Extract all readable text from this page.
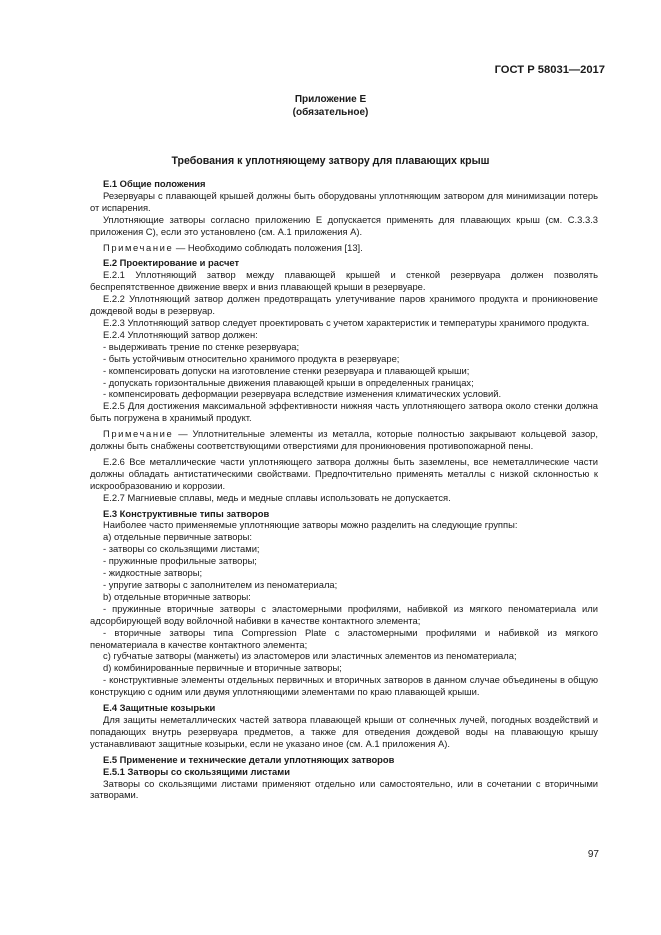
ГОСТ Р 58031—2017
Приложение Е
(обязательное)
Требования к уплотняющему затвору для плавающих крыш

Е.1 Общие положения

Резервуары с плавающей крышей должны быть оборудованы уплотняющим затвором для минимизации потерь от испарения.

Уплотняющие затворы согласно приложению Е допускается применять для плавающих крыш (см. С.3.3.3 приложения С), если это установлено (см. А.1 приложения А).

Примечание — Необходимо соблюдать положения [13].

Е.2 Проектирование и расчет

Е.2.1 Уплотняющий затвор между плавающей крышей и стенкой резервуара должен позволять беспрепятственное движение вверх и вниз плавающей крыши в резервуаре.

Е.2.2 Уплотняющий затвор должен предотвращать улетучивание паров хранимого продукта и проникновение дождевой воды в резервуар.

Е.2.3 Уплотняющий затвор следует проектировать с учетом характеристик и температуры хранимого продукта.

Е.2.4 Уплотняющий затвор должен:

- выдерживать трение по стенке резервуара;

- быть устойчивым относительно хранимого продукта в резервуаре;

- компенсировать допуски на изготовление стенки резервуара и плавающей крыши;

- допускать горизонтальные движения плавающей крыши в определенных границах;

- компенсировать деформации резервуара вследствие изменения климатических условий.

Е.2.5 Для достижения максимальной эффективности нижняя часть уплотняющего затвора около стенки должна быть погружена в хранимый продукт.

Примечание — Уплотнительные элементы из металла, которые полностью закрывают кольцевой зазор, должны быть снабжены соответствующими отверстиями для проникновения противопожарной пены.

Е.2.6 Все металлические части уплотняющего затвора должны быть заземлены, все неметаллические части должны обладать антистатическими свойствами. Предпочтительно применять металлы с низкой склонностью к искрообразованию и коррозии.

Е.2.7 Магниевые сплавы, медь и медные сплавы использовать не допускается.

Е.3 Конструктивные типы затворов

Наиболее часто применяемые уплотняющие затворы можно разделить на следующие группы:

а) отдельные первичные затворы:

- затворы со скользящими листами;

- пружинные профильные затворы;

- жидкостные затворы;

- упругие затворы с заполнителем из пеноматериала;

b) отдельные вторичные затворы:

- пружинные вторичные затворы с эластомерными профилями, набивкой из мягкого пеноматериала или адсорбирующей воду войлочной набивки в качестве контактного элемента;

- вторичные затворы типа Compression Plate с эластомерными профилями и набивкой из мягкого пеноматериала в качестве контактного элемента;

с) губчатые затворы (манжеты) из эластомеров или эластичных элементов из пеноматериала;

d) комбинированные первичные и вторичные затворы;

- конструктивные элементы отдельных первичных и вторичных затворов в данном случае объединены в общую конструкцию с одним или двумя уплотняющими элементами по краю плавающей крыши.

Е.4 Защитные козырьки

Для защиты неметаллических частей затвора плавающей крыши от солнечных лучей, погодных воздействий и попадающих внутрь резервуара предметов, а также для отведения дождевой воды на плавающую крышу устанавливают защитные козырьки, если не указано иное (см. А.1 приложения А).

Е.5 Применение и технические детали уплотняющих затворов

Е.5.1 Затворы со скользящими листами

Затворы со скользящими листами применяют отдельно или самостоятельно, или в сочетании с вторичными затворами.

97
